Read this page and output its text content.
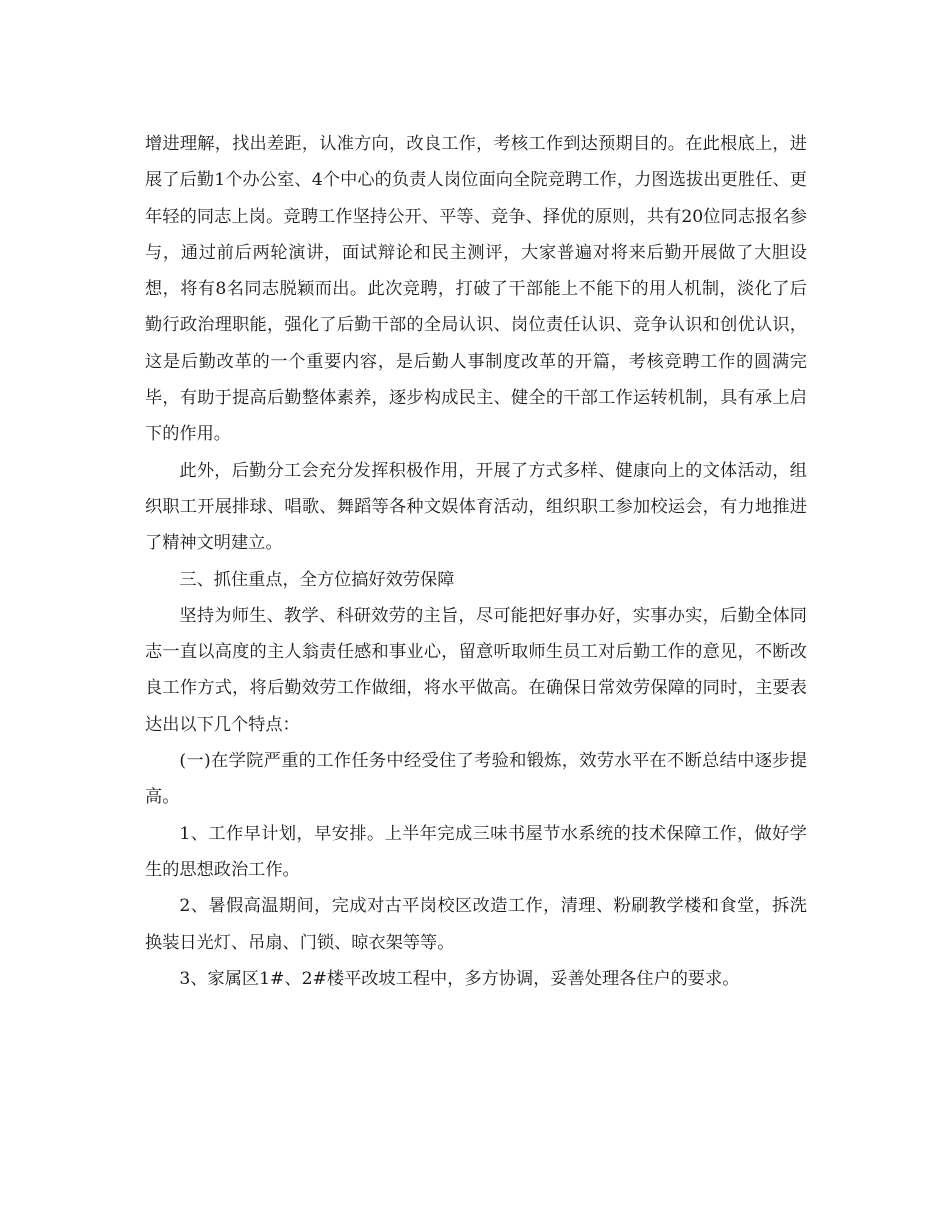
增进理解，找出差距，认准方向，改良工作，考核工作到达预期目的。在此根底上，进展了后勤1个办公室、4个中心的负责人岗位面向全院竞聘工作，力图选拔出更胜任、更年轻的同志上岗。竞聘工作坚持公开、平等、竞争、择优的原则，共有20位同志报名参与，通过前后两轮演讲，面试辩论和民主测评，大家普遍对将来后勤开展做了大胆设想，将有8名同志脱颖而出。此次竞聘，打破了干部能上不能下的用人机制，淡化了后勤行政治理职能，强化了后勤干部的全局认识、岗位责任认识、竞争认识和创优认识，这是后勤改革的一个重要内容，是后勤人事制度改革的开篇，考核竞聘工作的圆满完毕，有助于提高后勤整体素养，逐步构成民主、健全的干部工作运转机制，具有承上启下的作用。

此外，后勤分工会充分发挥积极作用，开展了方式多样、健康向上的文体活动，组织职工开展排球、唱歌、舞蹈等各种文娱体育活动，组织职工参加校运会，有力地推进了精神文明建立。

三、抓住重点，全方位搞好效劳保障

坚持为师生、教学、科研效劳的主旨，尽可能把好事办好，实事办实，后勤全体同志一直以高度的主人翁责任感和事业心，留意听取师生员工对后勤工作的意见，不断改良工作方式，将后勤效劳工作做细，将水平做高。在确保日常效劳保障的同时，主要表达出以下几个特点：

(一)在学院严重的工作任务中经受住了考验和锻炼，效劳水平在不断总结中逐步提高。

1、工作早计划，早安排。上半年完成三味书屋节水系统的技术保障工作，做好学生的思想政治工作。

2、暑假高温期间，完成对古平岗校区改造工作，清理、粉刷教学楼和食堂，拆洗换装日光灯、吊扇、门锁、晾衣架等等。

3、家属区1#、2#楼平改坡工程中，多方协调，妥善处理各住户的要求。
